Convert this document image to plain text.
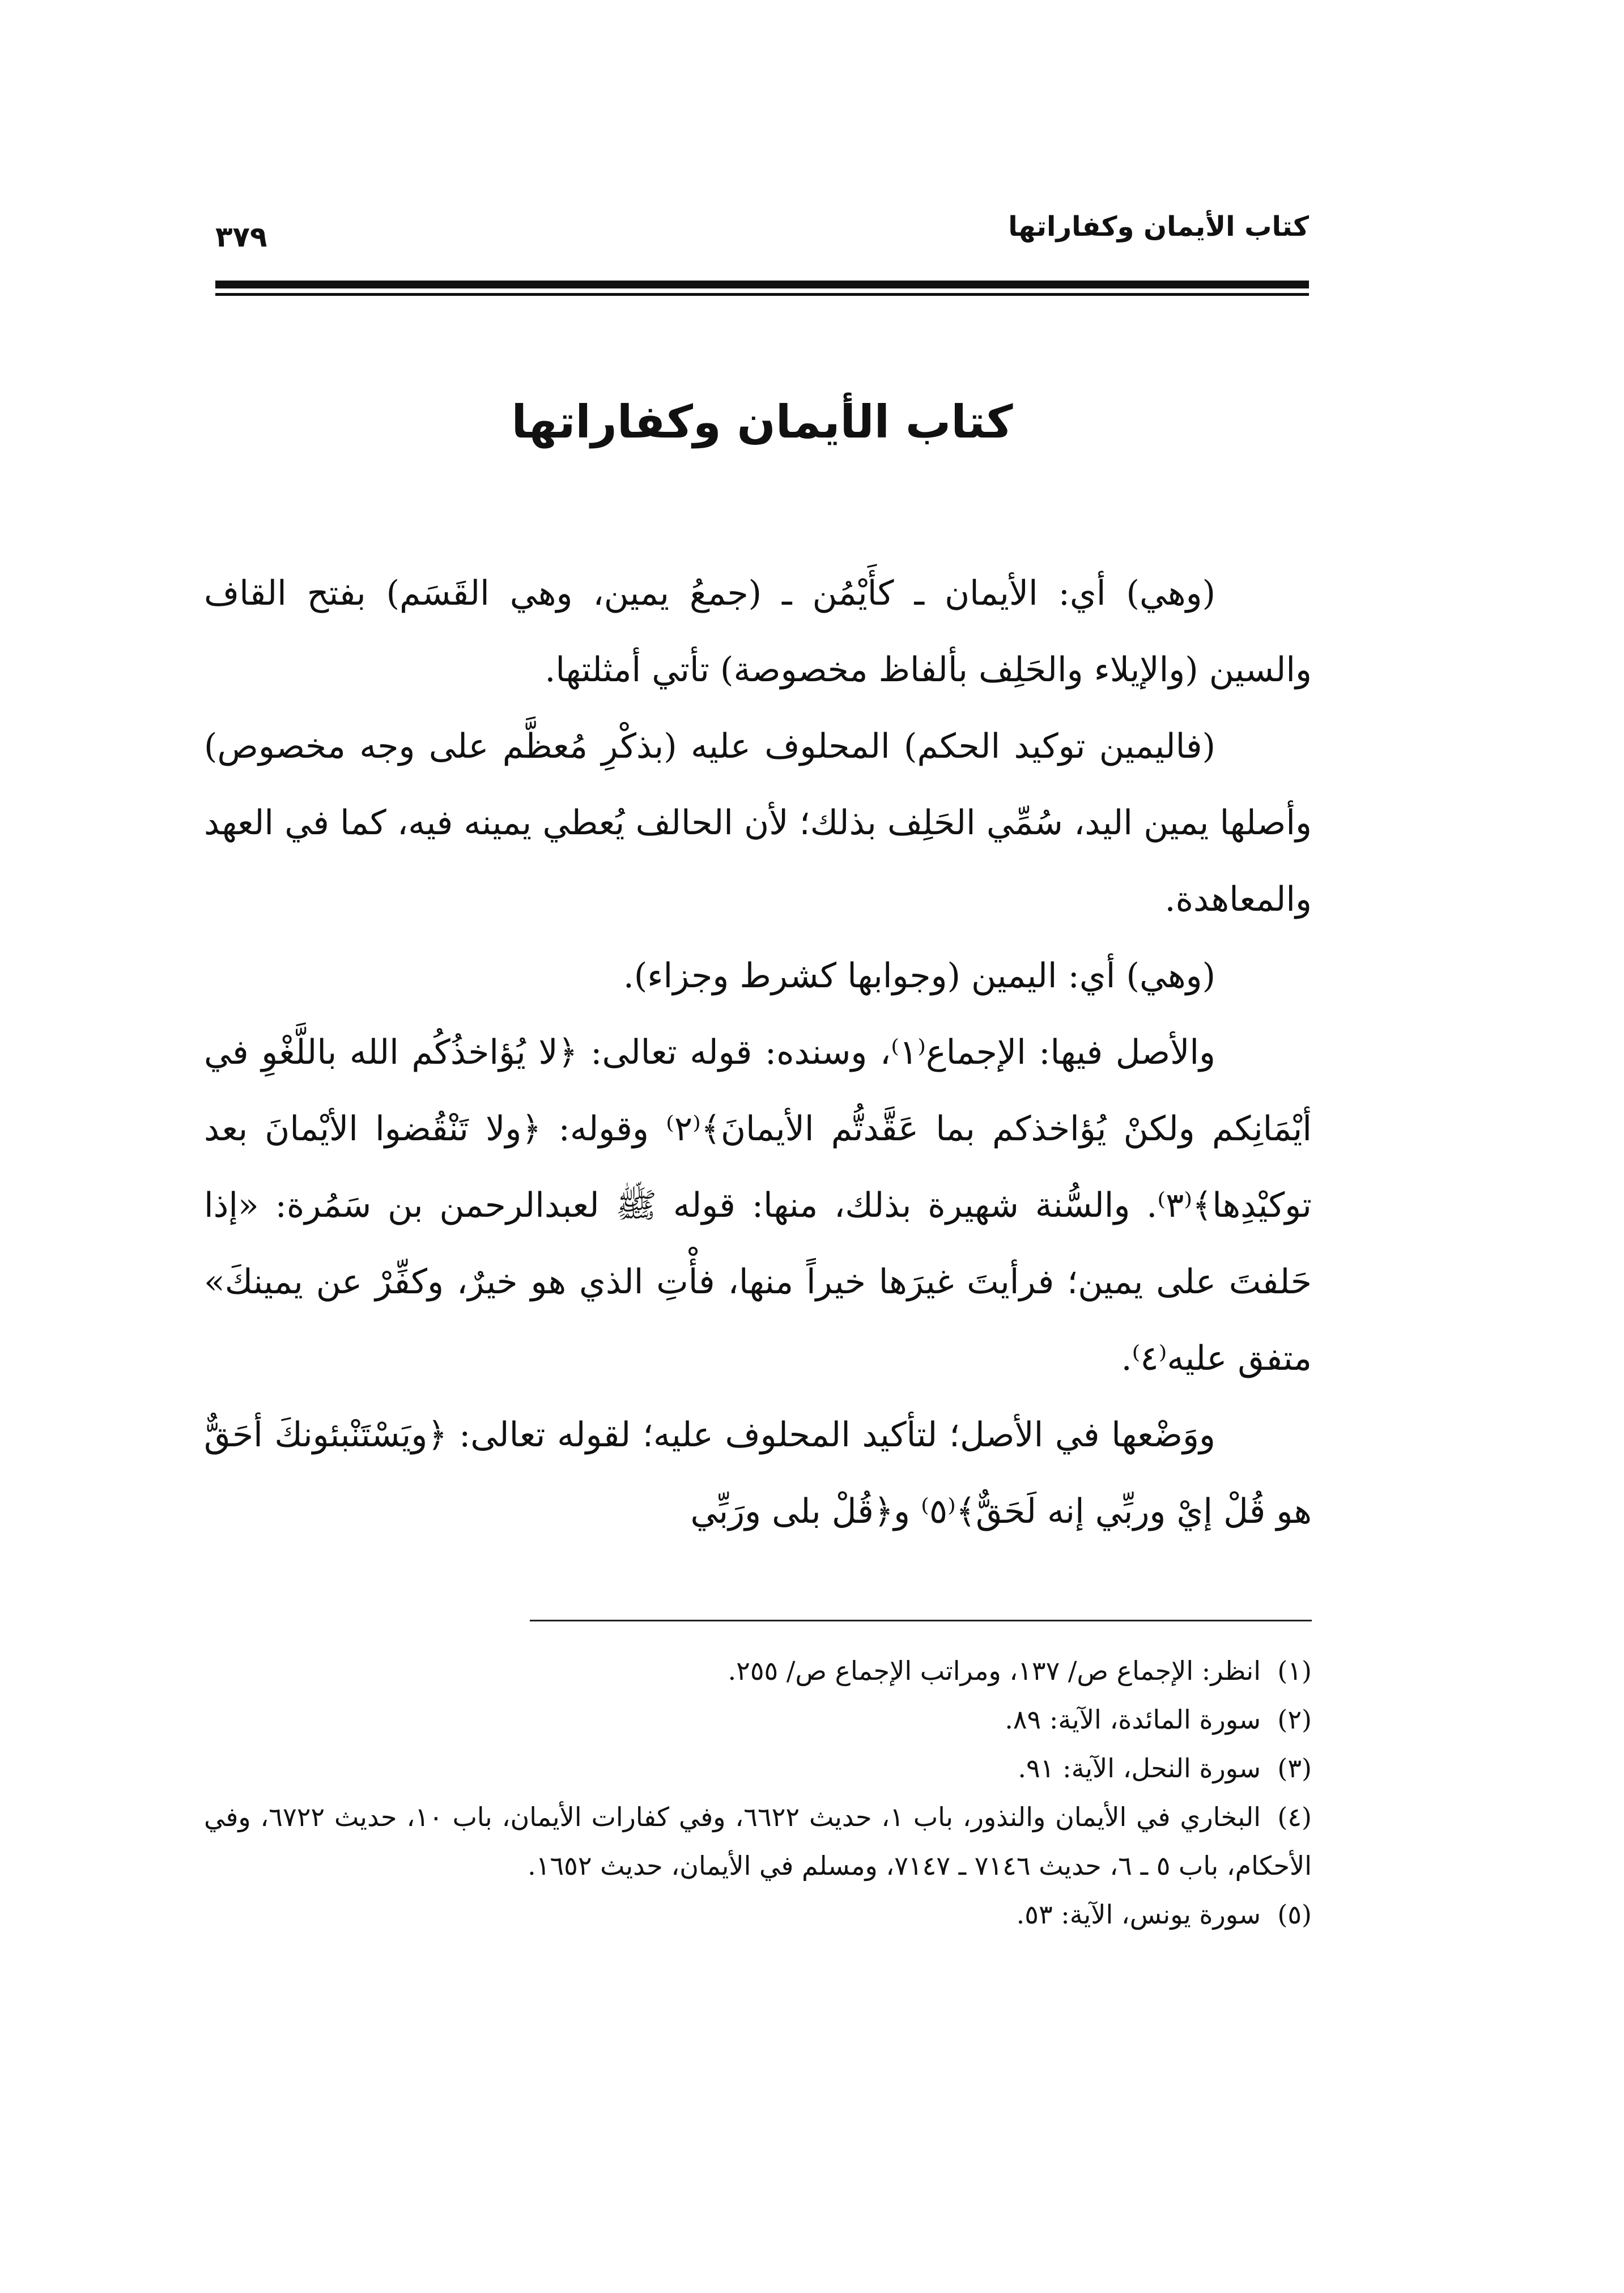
كتاب الأيمان وكفاراتها
٣٧٩
كتاب الأيمان وكفاراتها

(وهي) أي: الأيمان ـ كأَيْمُن ـ (جمعُ يمين، وهي القَسَم) بفتح القاف والسين (والإيلاء والحَلِف بألفاظ مخصوصة) تأتي أمثلتها.

(فاليمين توكيد الحكم) المحلوف عليه (بذكْرِ مُعظَّم على وجه مخصوص) وأصلها يمين اليد، سُمِّي الحَلِف بذلك؛ لأن الحالف يُعطي يمينه فيه، كما في العهد والمعاهدة.

(وهي) أي: اليمين (وجوابها كشرط وجزاء).

والأصل فيها: الإجماع⁽١⁾، وسنده: قوله تعالى: ﴿لا يُؤاخذُكُم الله باللَّغْوِ في أيْمَانِكم ولكنْ يُؤاخذكم بما عَقَّدتُّم الأيمانَ﴾⁽٢⁾ وقوله: ﴿ولا تَنْقُضوا الأيْمانَ بعد توكيْدِها﴾⁽٣⁾. والسُّنة شهيرة بذلك، منها: قوله ﷺ لعبدالرحمن بن سَمُرة: «إذا حَلفتَ على يمين؛ فرأيتَ غيرَها خيراً منها، فأْتِ الذي هو خيرٌ، وكفِّرْ عن يمينكَ» متفق عليه⁽٤⁾.

ووَضْعها في الأصل؛ لتأكيد المحلوف عليه؛ لقوله تعالى: ﴿ويَسْتَنْبئونكَ أحَقٌّ هو قُلْ إيْ وربِّي إنه لَحَقٌّ﴾⁽٥⁾ و﴿قُلْ بلى ورَبِّي

(١)انظر: الإجماع ص/ ١٣٧، ومراتب الإجماع ص/ ٢٥٥.

(٢)سورة المائدة، الآية: ٨٩.

(٣)سورة النحل، الآية: ٩١.

(٤)البخاري في الأيمان والنذور، باب ١، حديث ٦٦٢٢، وفي كفارات الأيمان، باب ١٠، حديث ٦٧٢٢، وفي الأحكام، باب ٥ ـ ٦، حديث ٧١٤٦ ـ ٧١٤٧، ومسلم في الأيمان، حديث ١٦٥٢.

(٥)سورة يونس، الآية: ٥٣.
